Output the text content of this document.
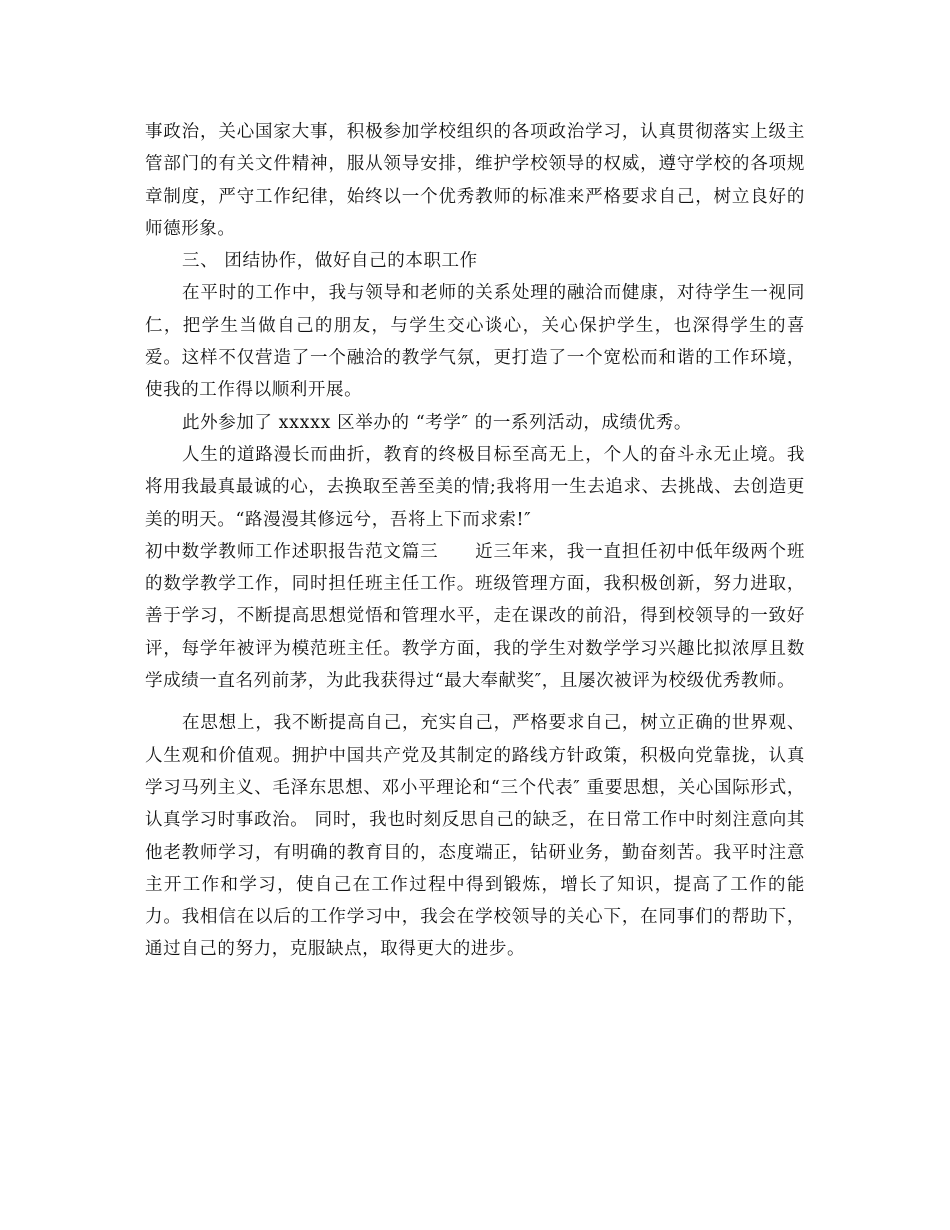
事政治，关心国家大事，积极参加学校组织的各项政治学习，认真贯彻落实上级主管部门的有关文件精神，服从领导安排，维护学校领导的权威，遵守学校的各项规章制度，严守工作纪律，始终以一个优秀教师的标准来严格要求自己，树立良好的师德形象。

三、 团结协作，做好自己的本职工作

在平时的工作中，我与领导和老师的关系处理的融洽而健康，对待学生一视同仁，把学生当做自己的朋友，与学生交心谈心，关心保护学生，也深得学生的喜爱。这样不仅营造了一个融洽的教学气氛，更打造了一个宽松而和谐的工作环境，使我的工作得以顺利开展。

此外参加了 xxxxx 区举办的 “考学″ 的一系列活动，成绩优秀。

人生的道路漫长而曲折，教育的终极目标至高无上，个人的奋斗永无止境。我将用我最真最诚的心，去换取至善至美的情;我将用一生去追求、去挑战、去创造更美的明天。“路漫漫其修远兮，吾将上下而求索!″

初中数学教师工作述职报告范文篇三　　近三年来，我一直担任初中低年级两个班的数学教学工作，同时担任班主任工作。班级管理方面，我积极创新，努力进取，善于学习，不断提高思想觉悟和管理水平，走在课改的前沿，得到校领导的一致好评，每学年被评为模范班主任。教学方面，我的学生对数学学习兴趣比拟浓厚且数学成绩一直名列前茅，为此我获得过“最大奉献奖″，且屡次被评为校级优秀教师。

在思想上，我不断提高自己，充实自己，严格要求自己，树立正确的世界观、人生观和价值观。拥护中国共产党及其制定的路线方针政策，积极向党靠拢，认真学习马列主义、毛泽东思想、邓小平理论和“三个代表″ 重要思想，关心国际形式，认真学习时事政治。 同时，我也时刻反思自己的缺乏，在日常工作中时刻注意向其他老教师学习，有明确的教育目的，态度端正，钻研业务，勤奋刻苦。我平时注意主开工作和学习，使自己在工作过程中得到锻炼，增长了知识，提高了工作的能力。我相信在以后的工作学习中，我会在学校领导的关心下，在同事们的帮助下，通过自己的努力，克服缺点，取得更大的进步。
